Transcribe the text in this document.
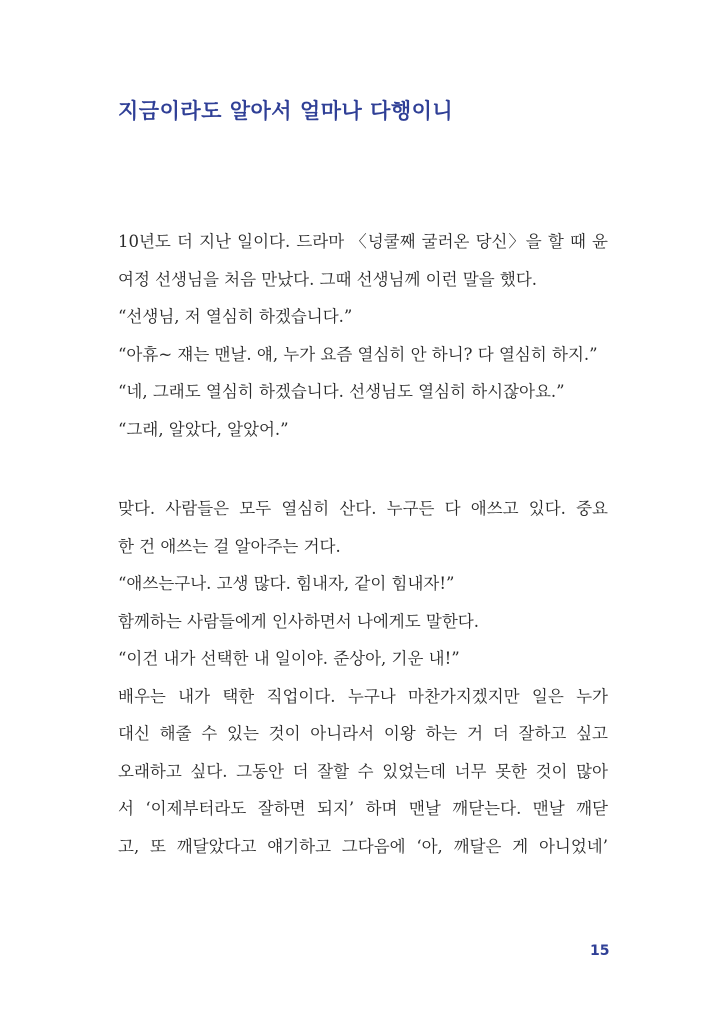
지금이라도 알아서 얼마나 다행이니
10년도 더 지난 일이다. 드라마 〈넝쿨째 굴러온 당신〉을 할 때 윤
여정 선생님을 처음 만났다. 그때 선생님께 이런 말을 했다.
“선생님, 저 열심히 하겠습니다.”
“아휴~ 쟤는 맨날. 얘, 누가 요즘 열심히 안 하니? 다 열심히 하지.”
“네, 그래도 열심히 하겠습니다. 선생님도 열심히 하시잖아요.”
“그래, 알았다, 알았어.”
맞다. 사람들은 모두 열심히 산다. 누구든 다 애쓰고 있다. 중요
한 건 애쓰는 걸 알아주는 거다.
“애쓰는구나. 고생 많다. 힘내자, 같이 힘내자!”
함께하는 사람들에게 인사하면서 나에게도 말한다.
“이건 내가 선택한 내 일이야. 준상아, 기운 내!”
배우는 내가 택한 직업이다. 누구나 마찬가지겠지만 일은 누가
대신 해줄 수 있는 것이 아니라서 이왕 하는 거 더 잘하고 싶고
오래하고 싶다. 그동안 더 잘할 수 있었는데 너무 못한 것이 많아
서 ‘이제부터라도 잘하면 되지’ 하며 맨날 깨닫는다. 맨날 깨닫
고, 또 깨달았다고 얘기하고 그다음에 ‘아, 깨달은 게 아니었네’
15
